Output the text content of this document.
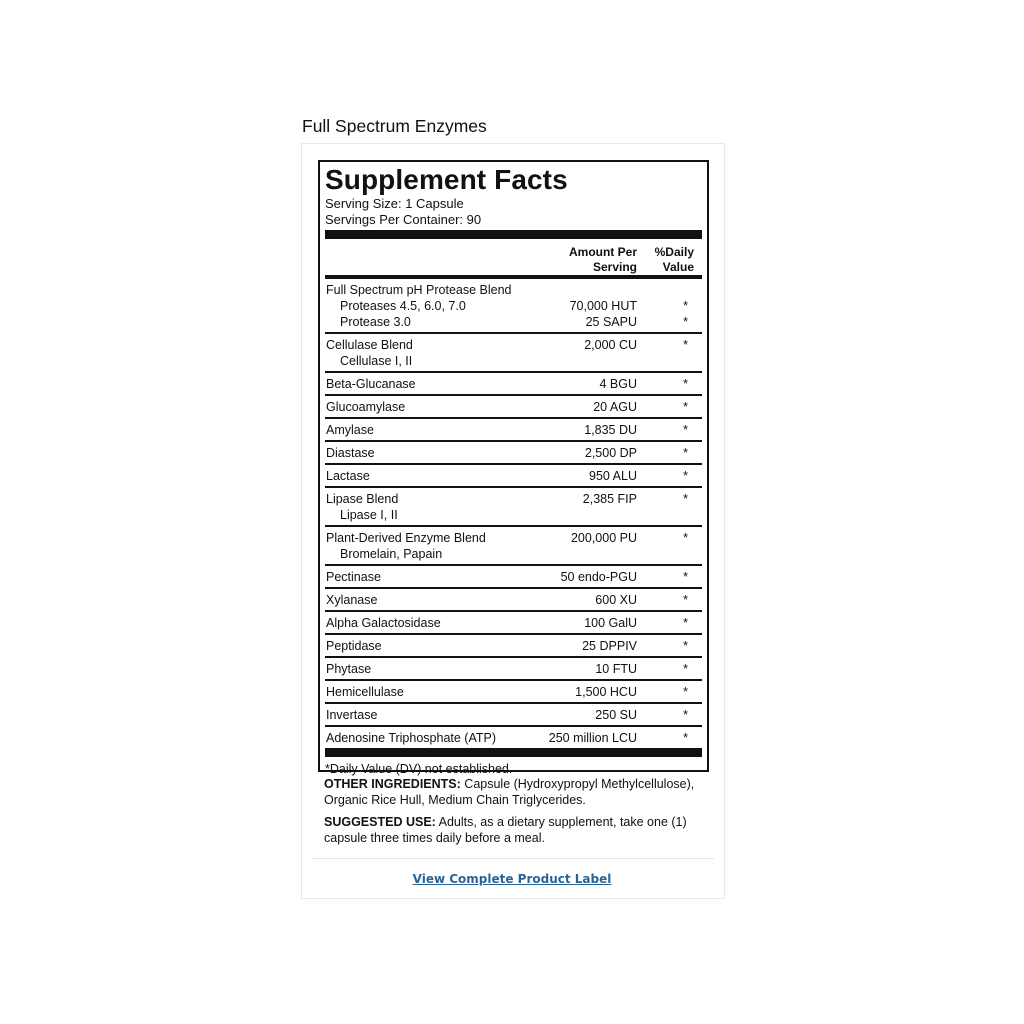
Full Spectrum Enzymes
Supplement Facts
Serving Size: 1 Capsule
Servings Per Container: 90
Amount Per
Serving
%Daily
Value
Full Spectrum pH Protease Blend
Proteases 4.5, 6.0, 7.0	70,000 HUT	*
Protease 3.0	25 SAPU	*
Cellulase Blend	2,000 CU	*
Cellulase I, II
Beta-Glucanase	4 BGU	*
Glucoamylase	20 AGU	*
Amylase	1,835 DU	*
Diastase	2,500 DP	*
Lactase	950 ALU	*
Lipase Blend	2,385 FIP	*
Lipase I, II
Plant-Derived Enzyme Blend	200,000 PU	*
Bromelain, Papain
Pectinase	50 endo-PGU	*
Xylanase	600 XU	*
Alpha Galactosidase	100 GalU	*
Peptidase	25 DPPIV	*
Phytase	10 FTU	*
Hemicellulase	1,500 HCU	*
Invertase	250 SU	*
Adenosine Triphosphate (ATP)	250 million LCU	*
*Daily Value (DV) not established.
OTHER INGREDIENTS: Capsule (Hydroxypropyl Methylcellulose), Organic Rice Hull, Medium Chain Triglycerides.
SUGGESTED USE: Adults, as a dietary supplement, take one (1) capsule three times daily before a meal.
View Complete Product Label
